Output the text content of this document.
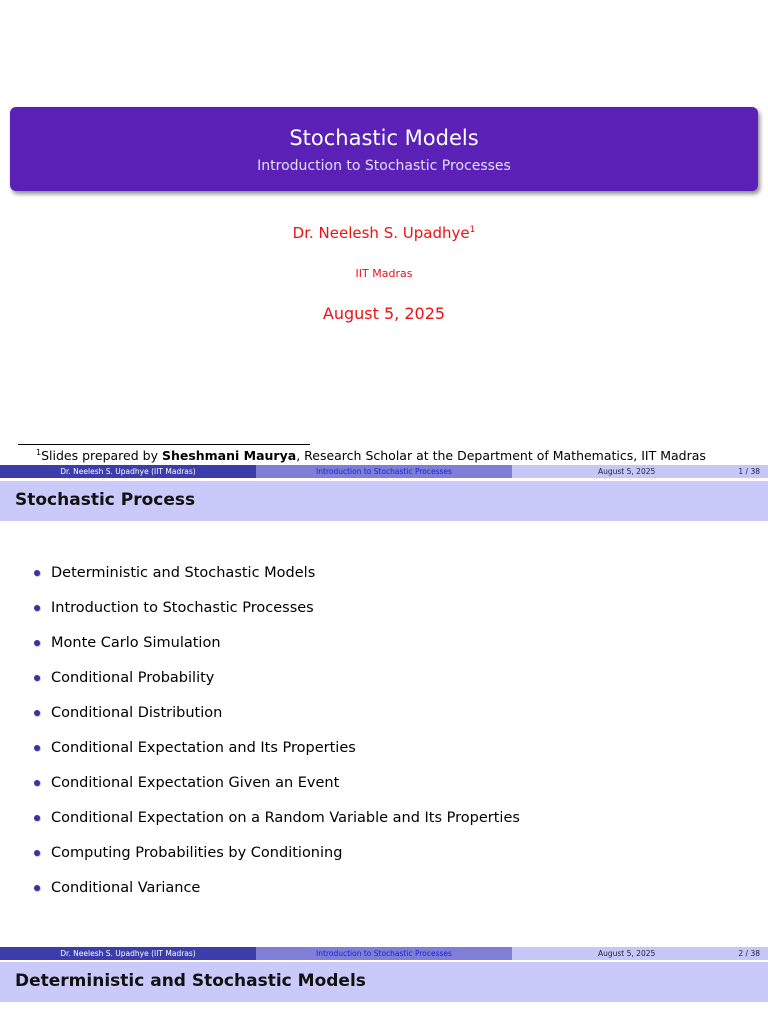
Stochastic Models
Introduction to Stochastic Processes
Dr. Neelesh S. Upadhye$^1$
IIT Madras
August 5, 2025
$^1$Slides prepared by Sheshmani Maurya, Research Scholar at the Department of Mathematics, IIT Madras
Dr. Neelesh S. Upadhye (IIT Madras)	Introduction to Stochastic Processes	August 5, 2025	1 / 38
Stochastic Process
Deterministic and Stochastic Models
Introduction to Stochastic Processes
Monte Carlo Simulation
Conditional Probability
Conditional Distribution
Conditional Expectation and Its Properties
Conditional Expectation Given an Event
Conditional Expectation on a Random Variable and Its Properties
Computing Probabilities by Conditioning
Conditional Variance
Dr. Neelesh S. Upadhye (IIT Madras)	Introduction to Stochastic Processes	August 5, 2025	2 / 38
Deterministic and Stochastic Models
